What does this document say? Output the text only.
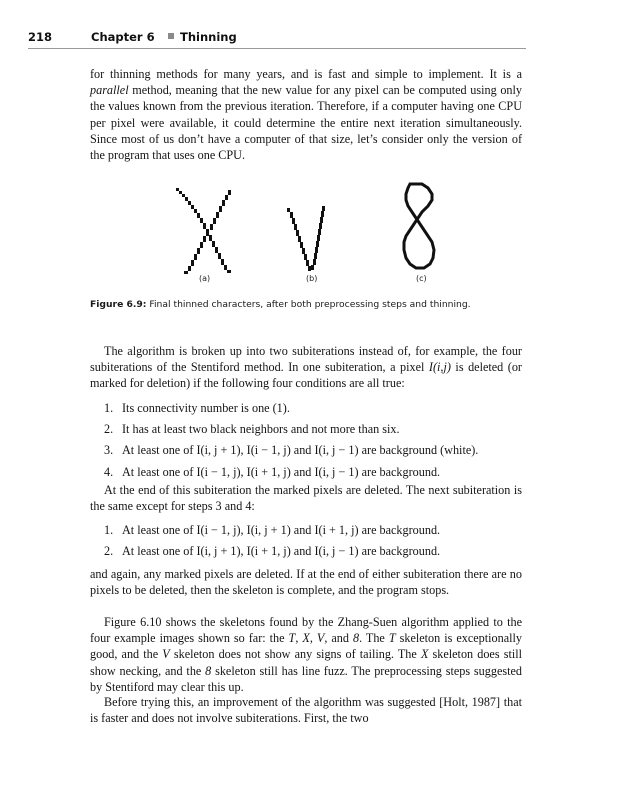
218	Chapter 6 Thinning

for thinning methods for many years, and is fast and simple to implement. It is a parallel method, meaning that the new value for any pixel can be computed using only the values known from the previous iteration. Therefore, if a computer having one CPU per pixel were available, it could determine the entire next iteration simultaneously. Since most of us don’t have a computer of that size, let’s consider only the version of the program that uses one CPU.

(a)	(b)	(c)
Figure 6.9: Final thinned characters, after both preprocessing steps and thinning.

The algorithm is broken up into two subiterations instead of, for example, the four subiterations of the Stentiford method. In one subiteration, a pixel I(i,j) is deleted (or marked for deletion) if the following four conditions are all true:

1. Its connectivity number is one (1).
2. It has at least two black neighbors and not more than six.
3. At least one of I(i, j + 1), I(i − 1, j) and I(i, j − 1) are background (white).
4. At least one of I(i − 1, j), I(i + 1, j) and I(i, j − 1) are background.

At the end of this subiteration the marked pixels are deleted. The next subiteration is the same except for steps 3 and 4:

1. At least one of I(i − 1, j), I(i, j + 1) and I(i + 1, j) are background.
2. At least one of I(i, j + 1), I(i + 1, j) and I(i, j − 1) are background.

and again, any marked pixels are deleted. If at the end of either subiteration there are no pixels to be deleted, then the skeleton is complete, and the program stops.

Figure 6.10 shows the skeletons found by the Zhang-Suen algorithm applied to the four example images shown so far: the T, X, V, and 8. The T skeleton is exceptionally good, and the V skeleton does not show any signs of tailing. The X skeleton does still show necking, and the 8 skeleton still has line fuzz. The preprocessing steps suggested by Stentiford may clear this up.

Before trying this, an improvement of the algorithm was suggested [Holt, 1987] that is faster and does not involve subiterations. First, the two
